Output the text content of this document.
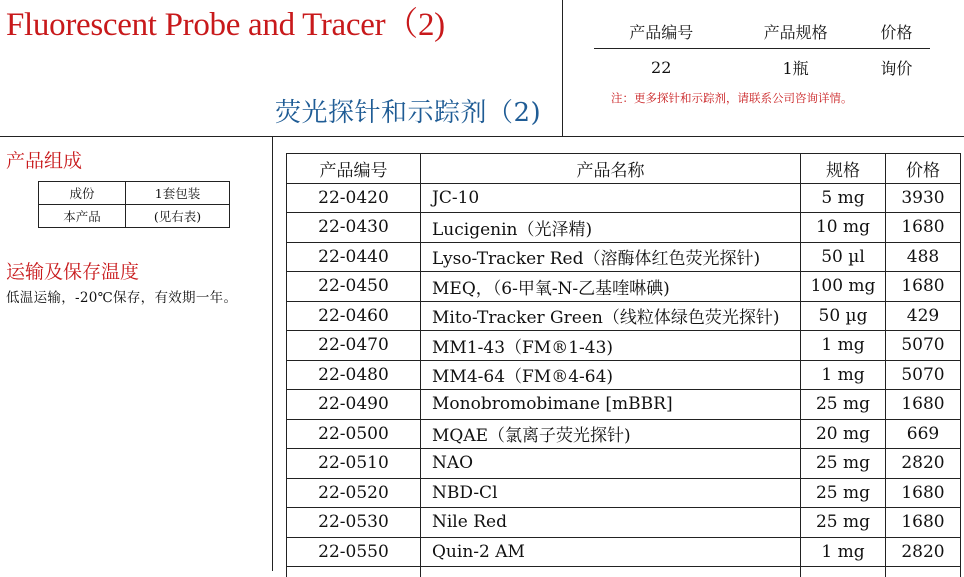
Fluorescent Probe and Tracer（2)
荧光探针和示踪剂（2)
产品编号	产品规格	价格
22	1瓶	询价

注：更多探针和示踪剂，请联系公司咨询详情。

产品组成
成份	1套包装
本产品	(见右表)
运输及保存温度

低温运输，-20℃保存，有效期一年。

产品编号	产品名称	规格	价格
22-0420	JC-10	5 mg	3930
22-0430	Lucigenin（光泽精)	10 mg	1680
22-0440	Lyso-Tracker Red（溶酶体红色荧光探针)	50 µl	488
22-0450	MEQ，（6-甲氧-N-乙基喹啉碘)	100 mg	1680
22-0460	Mito-Tracker Green（线粒体绿色荧光探针)	50 µg	429
22-0470	MM1-43（FM®1-43)	1 mg	5070
22-0480	MM4-64（FM®4-64)	1 mg	5070
22-0490	Monobromobimane [mBBR]	25 mg	1680
22-0500	MQAE（氯离子荧光探针)	20 mg	669
22-0510	NAO	25 mg	2820
22-0520	NBD-Cl	25 mg	1680
22-0530	Nile Red	25 mg	1680
22-0550	Quin-2 AM	1 mg	2820
